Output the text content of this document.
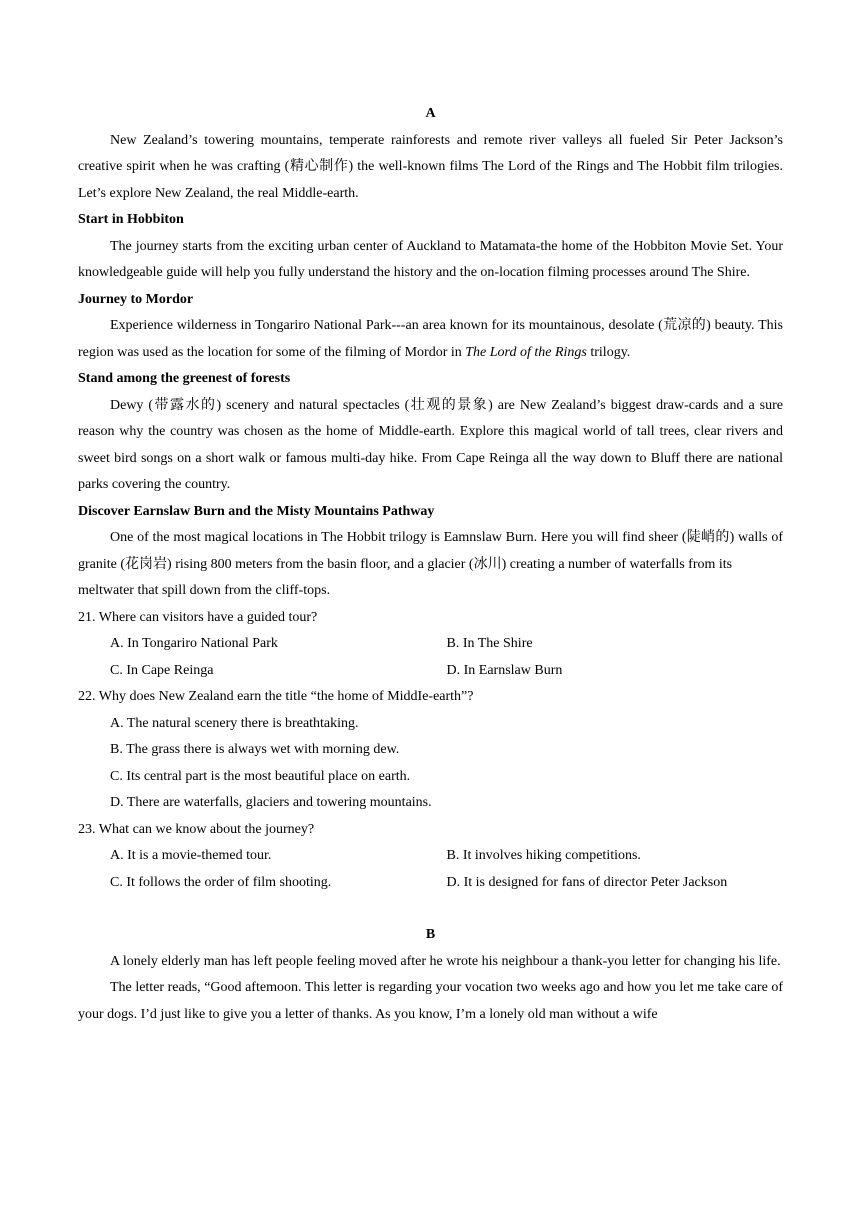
A

New Zealand’s towering mountains, temperate rainforests and remote river valleys all fueled Sir Peter Jackson’s creative spirit when he was crafting (精心制作) the well-known films The Lord of the Rings and The Hobbit film trilogies. Let’s explore New Zealand, the real Middle-earth.

Start in Hobbiton

The journey starts from the exciting urban center of Auckland to Matamata-the home of the Hobbiton Movie Set. Your knowledgeable guide will help you fully understand the history and the on-location filming processes around The Shire.

Journey to Mordor

Experience wilderness in Tongariro National Park---an area known for its mountainous, desolate (荒凉的) beauty. This region was used as the location for some of the filming of Mordor in The Lord of the Rings trilogy.

Stand among the greenest of forests

Dewy (带露水的) scenery and natural spectacles (壮观的景象) are New Zealand’s biggest draw-cards and a sure reason why the country was chosen as the home of Middle-earth. Explore this magical world of tall trees, clear rivers and sweet bird songs on a short walk or famous multi-day hike. From Cape Reinga all the way down to Bluff there are national parks covering the country.

Discover Earnslaw Burn and the Misty Mountains Pathway

One of the most magical locations in The Hobbit trilogy is Eamnslaw Burn. Here you will find sheer (陡峭的) walls of granite (花岗岩) rising 800 meters from the basin floor, and a glacier (冰川) creating a number of waterfalls from its

meltwater that spill down from the cliff-tops.

21. Where can visitors have a guided tour?

A. In Tongariro National Park	B. In The Shire
C. In Cape Reinga	D. In Earnslaw Burn

22. Why does New Zealand earn the title “the home of MiddIe-earth”?

A. The natural scenery there is breathtaking.

B. The grass there is always wet with morning dew.

C. Its central part is the most beautiful place on earth.

D. There are waterfalls, glaciers and towering mountains.

23. What can we know about the journey?

A. It is a movie-themed tour.	B. It involves hiking competitions.
C. It follows the order of film shooting.	D. It is designed for fans of director Peter Jackson
B

A lonely elderly man has left people feeling moved after he wrote his neighbour a thank-you letter for changing his life.

The letter reads, “Good aftemoon. This letter is regarding your vocation two weeks ago and how you let me take care of your dogs. I’d just like to give you a letter of thanks. As you know, I’m a lonely old man without a wife
